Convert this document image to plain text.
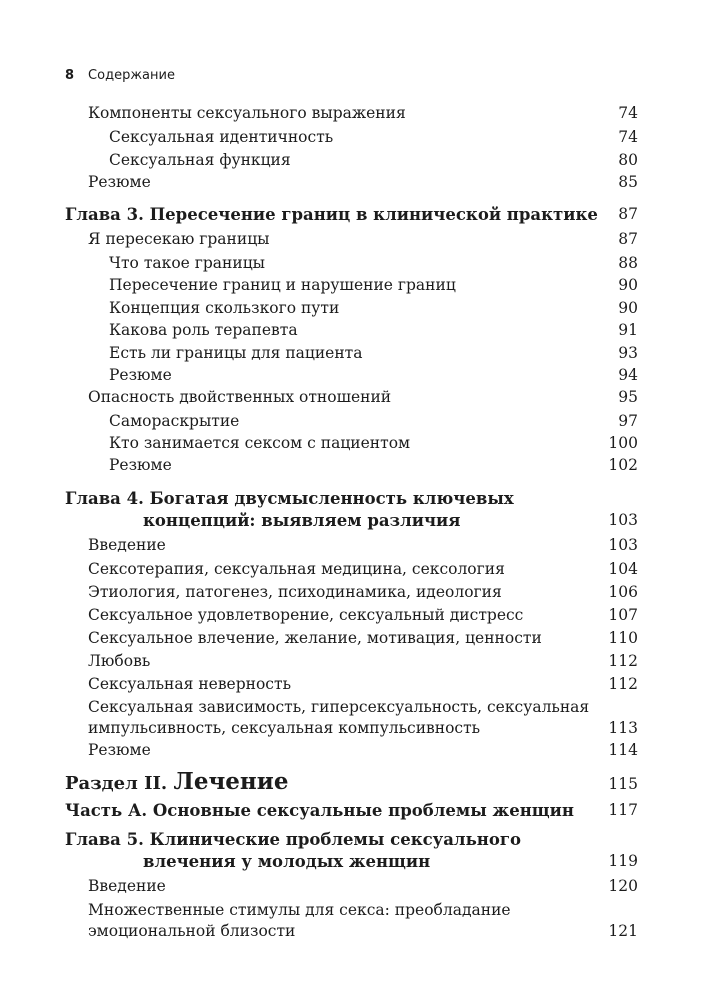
8 Содержание
Компоненты сексуального выражения	74
Сексуальная идентичность	74
Сексуальная функция	80
Резюме	85
Глава 3. Пересечение границ в клинической практике 87
Я пересекаю границы	87
Что такое границы	88
Пересечение границ и нарушение границ	90
Концепция скользкого пути	90
Какова роль терапевта	91
Есть ли границы для пациента	93
Резюме	94
Опасность двойственных отношений	95
Самораскрытие	97
Кто занимается сексом с пациентом	100
Резюме	102
Глава 4. Богатая двусмысленность ключевых
концепций: выявляем различия	103
Введение	103
Сексотерапия, сексуальная медицина, сексология	104
Этиология, патогенез, психодинамика, идеология	106
Сексуальное удовлетворение, сексуальный дистресс	107
Сексуальное влечение, желание, мотивация, ценности	110
Любовь	112
Сексуальная неверность	112
Сексуальная зависимость, гиперсексуальность, сексуальная
импульсивность, сексуальная компульсивность	113
Резюме	114
Раздел II. Лечение	115
Часть А. Основные сексуальные проблемы женщин 117
Глава 5. Клинические проблемы сексуального
влечения у молодых женщин	119
Введение	120
Множественные стимулы для секса: преобладание
эмоциональной близости	121
